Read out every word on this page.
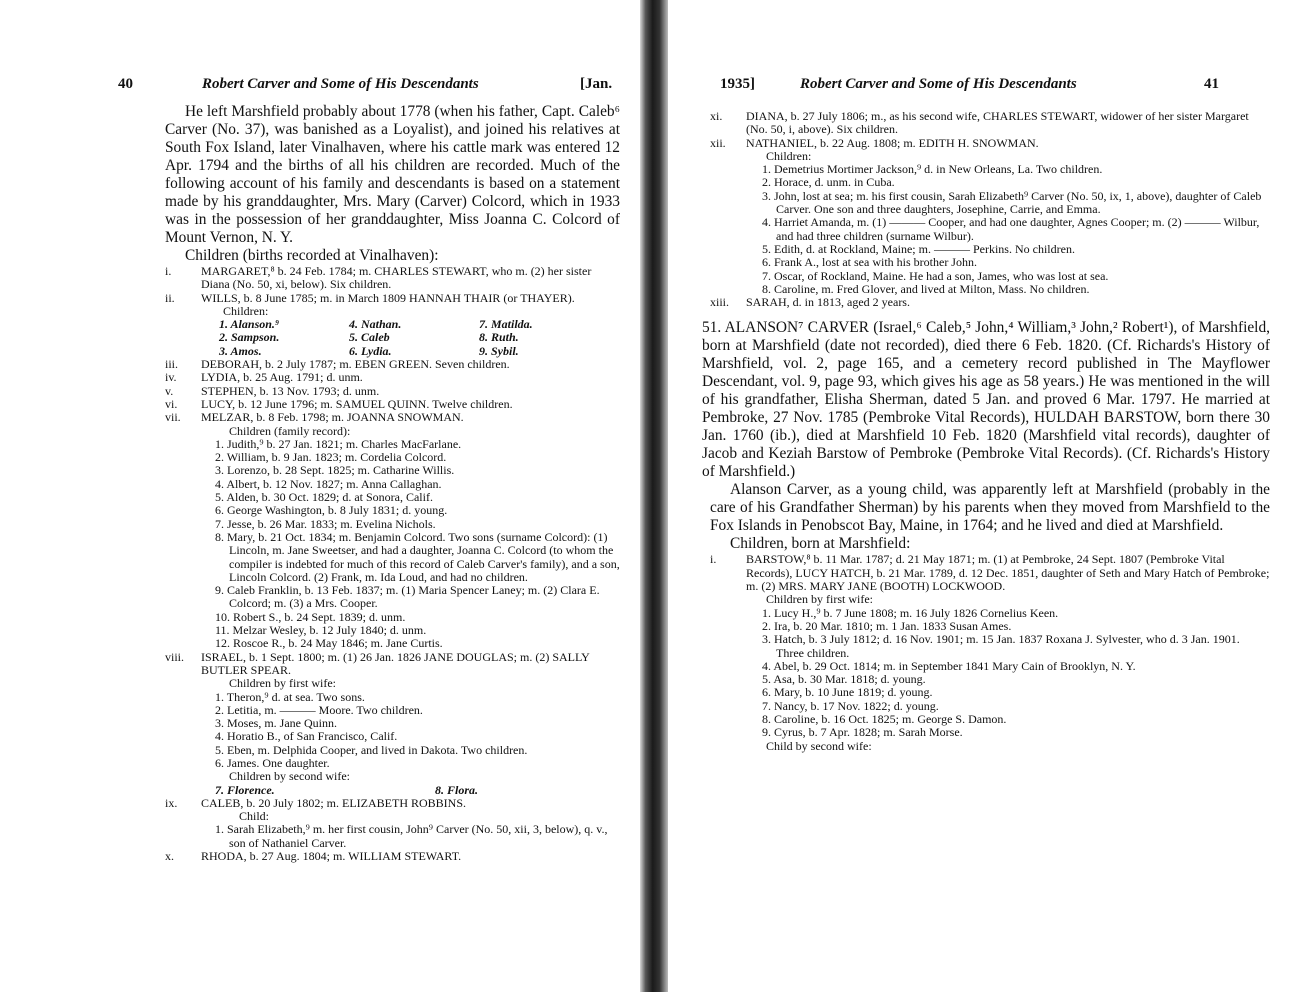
40	Robert Carver and Some of His Descendants	[Jan.
He left Marshfield probably about 1778 (when his father, Capt. Caleb⁶ Carver (No. 37), was banished as a Loyalist), and joined his relatives at South Fox Island, later Vinalhaven, where his cattle mark was entered 12 Apr. 1794 and the births of all his children are recorded. Much of the following account of his family and descendants is based on a statement made by his granddaughter, Mrs. Mary (Carver) Colcord, which in 1933 was in the possession of her granddaughter, Miss Joanna C. Colcord of Mount Vernon, N. Y.
Children (births recorded at Vinalhaven):
i.	MARGARET,⁸ b. 24 Feb. 1784; m. CHARLES STEWART, who m. (2) her sister Diana (No. 50, xi, below). Six children.
ii.	WILLS, b. 8 June 1785; m. in March 1809 HANNAH THAIR (or THAYER).
Children:
1. Alanson.⁹	4. Nathan.	7. Matilda.
2. Sampson.	5. Caleb	8. Ruth.
3. Amos.	6. Lydia.	9. Sybil.
iii.	DEBORAH, b. 2 July 1787; m. EBEN GREEN. Seven children.
iv.	LYDIA, b. 25 Aug. 1791; d. unm.
v.	STEPHEN, b. 13 Nov. 1793; d. unm.
vi.	LUCY, b. 12 June 1796; m. SAMUEL QUINN. Twelve children.
vii.	MELZAR, b. 8 Feb. 1798; m. JOANNA SNOWMAN.
Children (family record):
1. Judith,⁹ b. 27 Jan. 1821; m. Charles MacFarlane.
2. William, b. 9 Jan. 1823; m. Cordelia Colcord.
3. Lorenzo, b. 28 Sept. 1825; m. Catharine Willis.
4. Albert, b. 12 Nov. 1827; m. Anna Callaghan.
5. Alden, b. 30 Oct. 1829; d. at Sonora, Calif.
6. George Washington, b. 8 July 1831; d. young.
7. Jesse, b. 26 Mar. 1833; m. Evelina Nichols.
8. Mary, b. 21 Oct. 1834; m. Benjamin Colcord. Two sons (surname Colcord): (1) Lincoln, m. Jane Sweetser, and had a daughter, Joanna C. Colcord (to whom the compiler is indebted for much of this record of Caleb Carver's family), and a son, Lincoln Colcord. (2) Frank, m. Ida Loud, and had no children.
9. Caleb Franklin, b. 13 Feb. 1837; m. (1) Maria Spencer Laney; m. (2) Clara E. Colcord; m. (3) a Mrs. Cooper.
10. Robert S., b. 24 Sept. 1839; d. unm.
11. Melzar Wesley, b. 12 July 1840; d. unm.
12. Roscoe R., b. 24 May 1846; m. Jane Curtis.
viii.	ISRAEL, b. 1 Sept. 1800; m. (1) 26 Jan. 1826 JANE DOUGLAS; m. (2) SALLY BUTLER SPEAR.
Children by first wife:
1. Theron,⁹ d. at sea. Two sons.
2. Letitia, m. ——— Moore. Two children.
3. Moses, m. Jane Quinn.
4. Horatio B., of San Francisco, Calif.
5. Eben, m. Delphida Cooper, and lived in Dakota. Two children.
6. James. One daughter.
Children by second wife:
7. Florence.	8. Flora.
ix.	CALEB, b. 20 July 1802; m. ELIZABETH ROBBINS.
Child:
1. Sarah Elizabeth,⁹ m. her first cousin, John⁹ Carver (No. 50, xii, 3, below), q. v., son of Nathaniel Carver.
x.	RHODA, b. 27 Aug. 1804; m. WILLIAM STEWART.
1935]	Robert Carver and Some of His Descendants	41
xi.	DIANA, b. 27 July 1806; m., as his second wife, CHARLES STEWART, widower of her sister Margaret (No. 50, i, above). Six children.
xii.	NATHANIEL, b. 22 Aug. 1808; m. EDITH H. SNOWMAN.
Children:
1. Demetrius Mortimer Jackson,⁹ d. in New Orleans, La. Two children.
2. Horace, d. unm. in Cuba.
3. John, lost at sea; m. his first cousin, Sarah Elizabeth⁹ Carver (No. 50, ix, 1, above), daughter of Caleb Carver. One son and three daughters, Josephine, Carrie, and Emma.
4. Harriet Amanda, m. (1) ——— Cooper, and had one daughter, Agnes Cooper; m. (2) ——— Wilbur, and had three children (surname Wilbur).
5. Edith, d. at Rockland, Maine; m. ——— Perkins. No children.
6. Frank A., lost at sea with his brother John.
7. Oscar, of Rockland, Maine. He had a son, James, who was lost at sea.
8. Caroline, m. Fred Glover, and lived at Milton, Mass. No children.
xiii.	SARAH, d. in 1813, aged 2 years.
51. ALANSON⁷ CARVER (Israel,⁶ Caleb,⁵ John,⁴ William,³ John,² Robert¹), of Marshfield, born at Marshfield (date not recorded), died there 6 Feb. 1820. (Cf. Richards's History of Marshfield, vol. 2, page 165, and a cemetery record published in The Mayflower Descendant, vol. 9, page 93, which gives his age as 58 years.) He was mentioned in the will of his grandfather, Elisha Sherman, dated 5 Jan. and proved 6 Mar. 1797. He married at Pembroke, 27 Nov. 1785 (Pembroke Vital Records), HULDAH BARSTOW, born there 30 Jan. 1760 (ib.), died at Marshfield 10 Feb. 1820 (Marshfield vital records), daughter of Jacob and Keziah Barstow of Pembroke (Pembroke Vital Records). (Cf. Richards's History of Marshfield.)
Alanson Carver, as a young child, was apparently left at Marshfield (probably in the care of his Grandfather Sherman) by his parents when they moved from Marshfield to the Fox Islands in Penobscot Bay, Maine, in 1764; and he lived and died at Marshfield.
Children, born at Marshfield:
i.	BARSTOW,⁸ b. 11 Mar. 1787; d. 21 May 1871; m. (1) at Pembroke, 24 Sept. 1807 (Pembroke Vital Records), LUCY HATCH, b. 21 Mar. 1789, d. 12 Dec. 1851, daughter of Seth and Mary Hatch of Pembroke; m. (2) MRS. MARY JANE (BOOTH) LOCKWOOD.
Children by first wife:
1. Lucy H.,⁹ b. 7 June 1808; m. 16 July 1826 Cornelius Keen.
2. Ira, b. 20 Mar. 1810; m. 1 Jan. 1833 Susan Ames.
3. Hatch, b. 3 July 1812; d. 16 Nov. 1901; m. 15 Jan. 1837 Roxana J. Sylvester, who d. 3 Jan. 1901. Three children.
4. Abel, b. 29 Oct. 1814; m. in September 1841 Mary Cain of Brooklyn, N. Y.
5. Asa, b. 30 Mar. 1818; d. young.
6. Mary, b. 10 June 1819; d. young.
7. Nancy, b. 17 Nov. 1822; d. young.
8. Caroline, b. 16 Oct. 1825; m. George S. Damon.
9. Cyrus, b. 7 Apr. 1828; m. Sarah Morse.
Child by second wife:
